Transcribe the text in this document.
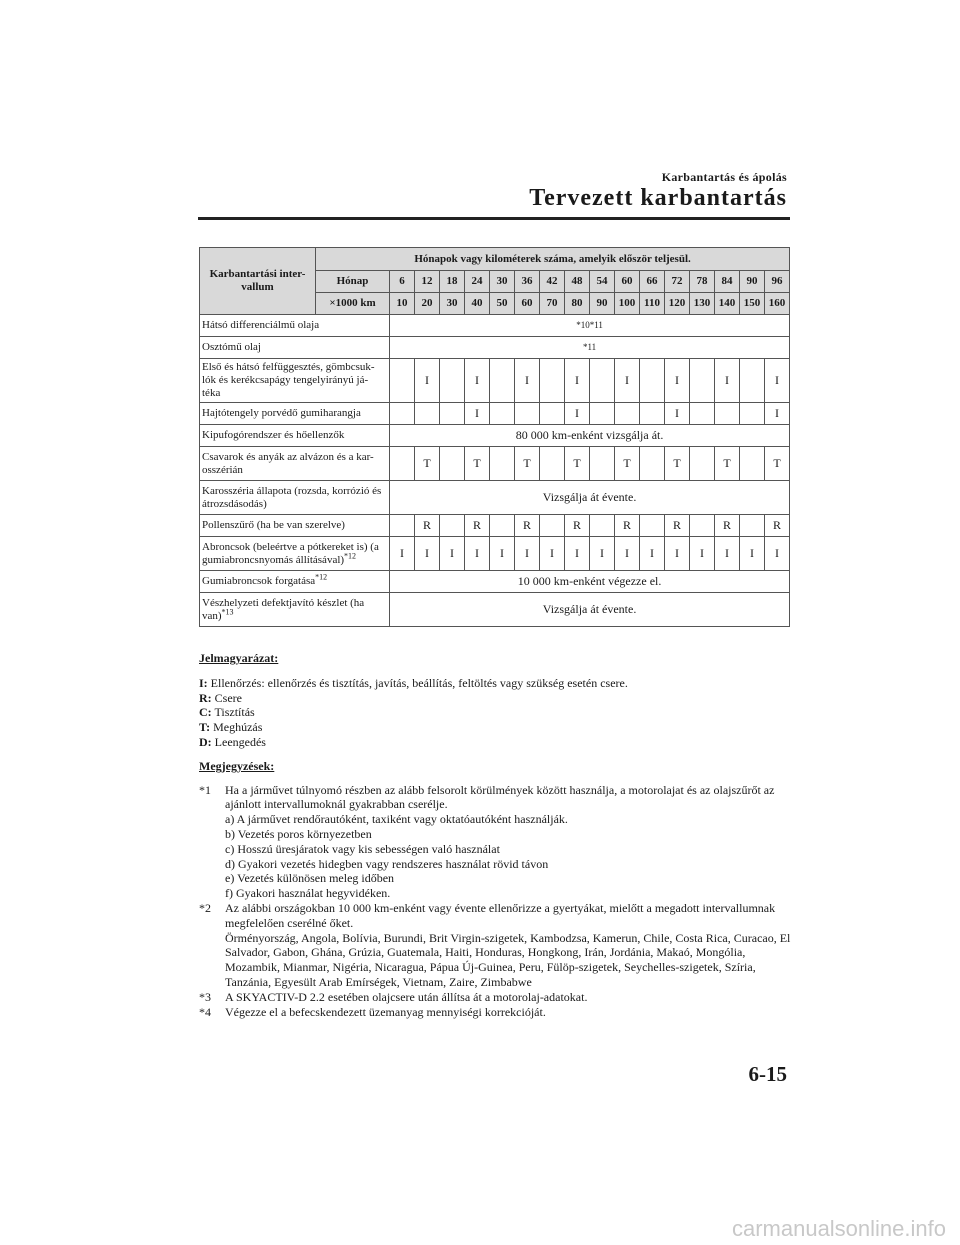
Karbantartás és ápolás
Tervezett karbantartás
Karbantartási inter- vallum	Hónapok vagy kilométerek száma, amelyik először teljesül.																
	Hónap	6	12	18	24	30	36	42	48	54	60	66	72	78	84	90	96
	×1000 km	10	20	30	40	50	60	70	80	90	100	110	120	130	140	150	160
Hátsó differenciálmű olaja		*10*11															
Osztómű olaj		*11															
Első és hátsó felfüggesztés, gömbcsuk- lók és kerékcsapágy tengelyirányú já- téka			I		I		I		I		I		I		I		I
Hajtótengely porvédő gumiharangja					I				I				I				I
Kipufogórendszer és hőellenzők		80 000 km-enként vizsgálja át.															
Csavarok és anyák az alvázon és a kar- osszérián			T		T		T		T		T		T		T		T
Karosszéria állapota (rozsda, korrózió és átrozsdásodás)		Vizsgálja át évente.															
Pollenszűrő (ha be van szerelve)			R		R		R		R		R		R		R		R
Abroncsok (beleértve a pótkereket is) (a gumiabroncsnyomás állításával)$^{*12}$		I	I	I	I	I	I	I	I	I	I	I	I	I	I	I	I
Gumiabroncsok forgatása$^{*12}$		10 000 km-enként végezze el.															
Vészhelyzeti defektjavító készlet (ha van)$^{*13}$		Vizsgálja át évente.															
Jelmagyarázat:
I: Ellenőrzés: ellenőrzés és tisztítás, javítás, beállítás, feltöltés vagy szükség esetén csere.
R: Csere
C: Tisztítás
T: Meghúzás
D: Leengedés
Megjegyzések:
*1 Ha a járművet túlnyomó részben az alább felsorolt körülmények között használja, a motorolajat és az olajszűrőt az ajánlott intervallumoknál gyakrabban cserélje.
a) A járművet rendőrautóként, taxiként vagy oktatóautóként használják.
b) Vezetés poros környezetben
c) Hosszú üresjáratok vagy kis sebességen való használat
d) Gyakori vezetés hidegben vagy rendszeres használat rövid távon
e) Vezetés különösen meleg időben
f) Gyakori használat hegyvidéken.
*2 Az alábbi országokban 10 000 km-enként vagy évente ellenőrizze a gyertyákat, mielőtt a megadott intervallumnak megfelelően cserélné őket.
Örményország, Angola, Bolívia, Burundi, Brit Virgin-szigetek, Kambodzsa, Kamerun, Chile, Costa Rica, Curacao, El Salvador, Gabon, Ghána, Grúzia, Guatemala, Haiti, Honduras, Hongkong, Irán, Jordánia, Makaó, Mongólia, Mozambik, Mianmar, Nigéria, Nicaragua, Pápua Új-Guinea, Peru, Fülöp-szigetek, Seychelles-szigetek, Szíria, Tanzánia, Egyesült Arab Emírségek, Vietnam, Zaire, Zimbabwe
*3 A SKYACTIV-D 2.2 esetében olajcsere után állítsa át a motorolaj-adatokat.
*4 Végezze el a befecskendezett üzemanyag mennyiségi korrekcióját.
6-15
carmanualsonline.info
